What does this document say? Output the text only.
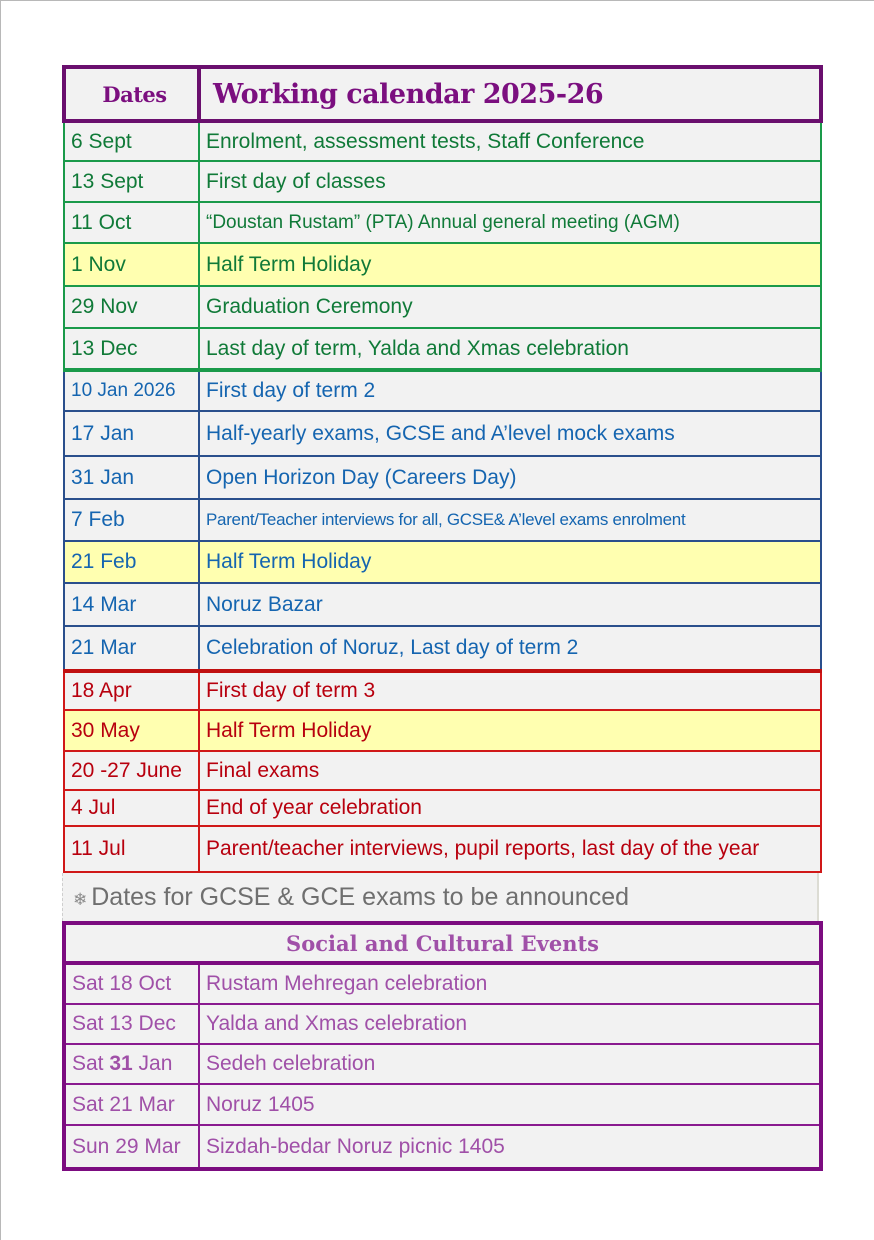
Dates	Working calendar 2025-26
6 Sept	Enrolment, assessment tests, Staff Conference
13 Sept	First day of classes
11 Oct	“Doustan Rustam” (PTA) Annual general meeting (AGM)
1 Nov	Half Term Holiday
29 Nov	Graduation Ceremony
13 Dec	Last day of term, Yalda and Xmas celebration
10 Jan 2026	First day of term 2
17 Jan	Half-yearly exams, GCSE and A’level mock exams
31 Jan	Open Horizon Day (Careers Day)
7 Feb	Parent/Teacher interviews for all, GCSE& A’level exams enrolment
21 Feb	Half Term Holiday
14 Mar	Noruz Bazar
21 Mar	Celebration of Noruz, Last day of term 2
18 Apr	First day of term 3
30 May	Half Term Holiday
20 -27 June	Final exams
4 Jul	End of year celebration
11 Jul	Parent/teacher interviews, pupil reports, last day of the year
❄ Dates for GCSE & GCE exams to be announced
Social and Cultural Events	
Sat 18 Oct	Rustam Mehregan celebration
Sat 13 Dec	Yalda and Xmas celebration
Sat 31 Jan	Sedeh celebration
Sat 21 Mar	Noruz 1405
Sun 29 Mar	Sizdah-bedar Noruz picnic 1405
